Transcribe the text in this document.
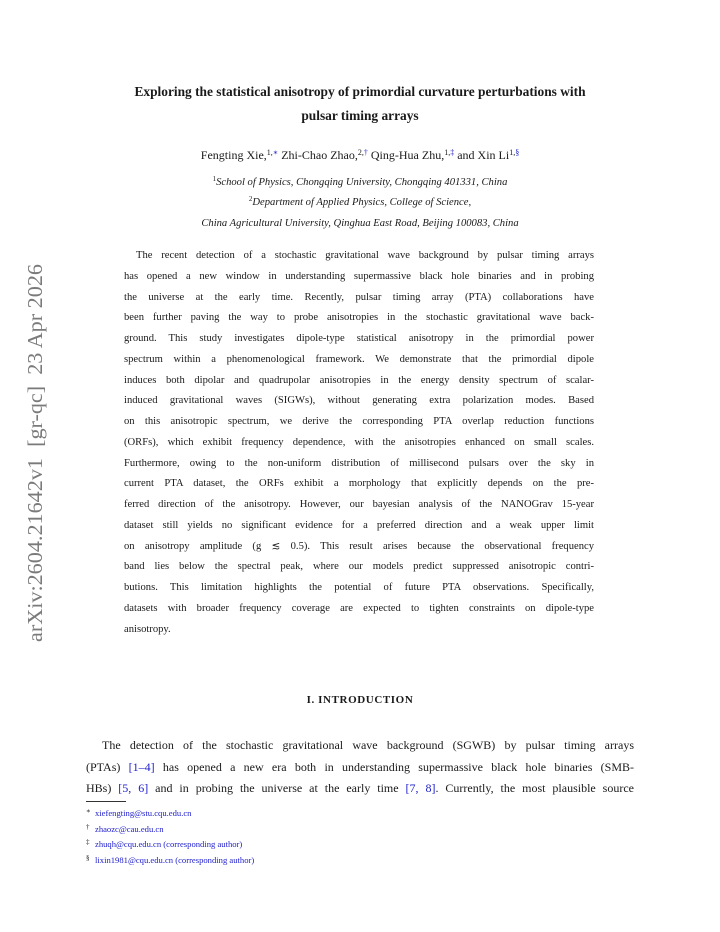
arXiv:2604.21642v1  [gr-qc]  23 Apr 2026
Exploring the statistical anisotropy of primordial curvature perturbations with
pulsar timing arrays
Fengting Xie,$^{1,∗}$ Zhi-Chao Zhao,$^{2,\dagger}$ Qing-Hua Zhu,$^{1,\ddagger}$ and Xin $Li^{1,\S}$
$^1$School of Physics, Chongqing University, Chongqing 401331, China
$^2$Department of Applied Physics, College of Science,
China Agricultural University, Qinghua East Road, Beijing 100083, China
The recent detection of a stochastic gravitational wave background by pulsar timing arrays
has opened a new window in understanding supermassive black hole binaries and in probing
the universe at the early time. Recently, pulsar timing array (PTA) collaborations have
been further paving the way to probe anisotropies in the stochastic gravitational wave back-
ground. This study investigates dipole-type statistical anisotropy in the primordial power
spectrum within a phenomenological framework. We demonstrate that the primordial dipole
induces both dipolar and quadrupolar anisotropies in the energy density spectrum of scalar-
induced gravitational waves (SIGWs), without generating extra polarization modes. Based
on this anisotropic spectrum, we derive the corresponding PTA overlap reduction functions
(ORFs), which exhibit frequency dependence, with the anisotropies enhanced on small scales.
Furthermore, owing to the non-uniform distribution of millisecond pulsars over the sky in
current PTA dataset, the ORFs exhibit a morphology that explicitly depends on the pre-
ferred direction of the anisotropy. However, our bayesian analysis of the NANOGrav 15-year
dataset still yields no significant evidence for a preferred direction and a weak upper limit
on anisotropy amplitude (g ≲ 0.5). This result arises because the observational frequency
band lies below the spectral peak, where our models predict suppressed anisotropic contri-
butions. This limitation highlights the potential of future PTA observations. Specifically,
datasets with broader frequency coverage are expected to tighten constraints on dipole-type
anisotropy.
I. INTRODUCTION
The detection of the stochastic gravitational wave background (SGWB) by pulsar timing arrays
(PTAs) [1–4] has opened a new era both in understanding supermassive black hole binaries (SMB-
HBs) [5, 6] and in probing the universe at the early time [7, 8]. Currently, the most plausible source
∗ xiefengting@stu.cqu.edu.cn
† zhaozc@cau.edu.cn
‡ zhuqh@cqu.edu.cn (corresponding author)
§ lixin1981@cqu.edu.cn (corresponding author)
